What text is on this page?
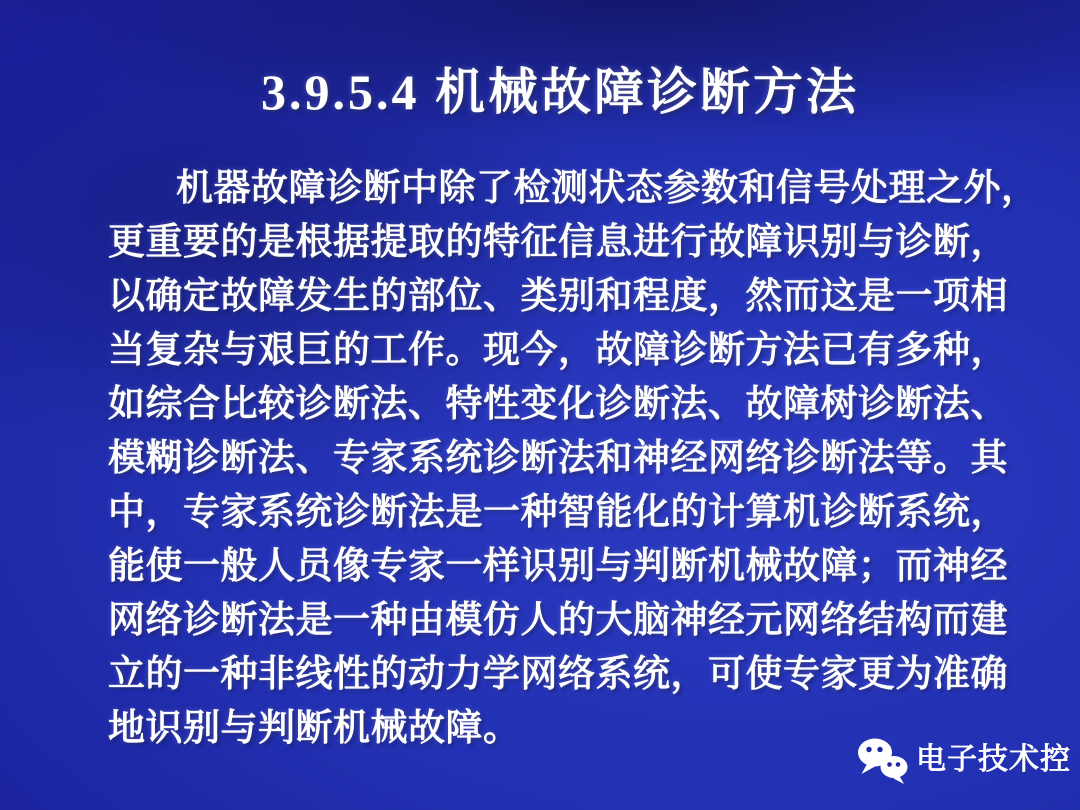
3.9.5.4 机械故障诊断方法
机器故障诊断中除了检测状态参数和信号处理之外，
更重要的是根据提取的特征信息进行故障识别与诊断，
以确定故障发生的部位、类别和程度，然而这是一项相
当复杂与艰巨的工作。现今，故障诊断方法已有多种，
如综合比较诊断法、特性变化诊断法、故障树诊断法、
模糊诊断法、专家系统诊断法和神经网络诊断法等。其
中，专家系统诊断法是一种智能化的计算机诊断系统，
能使一般人员像专家一样识别与判断机械故障；而神经
网络诊断法是一种由模仿人的大脑神经元网络结构而建
立的一种非线性的动力学网络系统，可使专家更为准确
地识别与判断机械故障。
电子技术控
